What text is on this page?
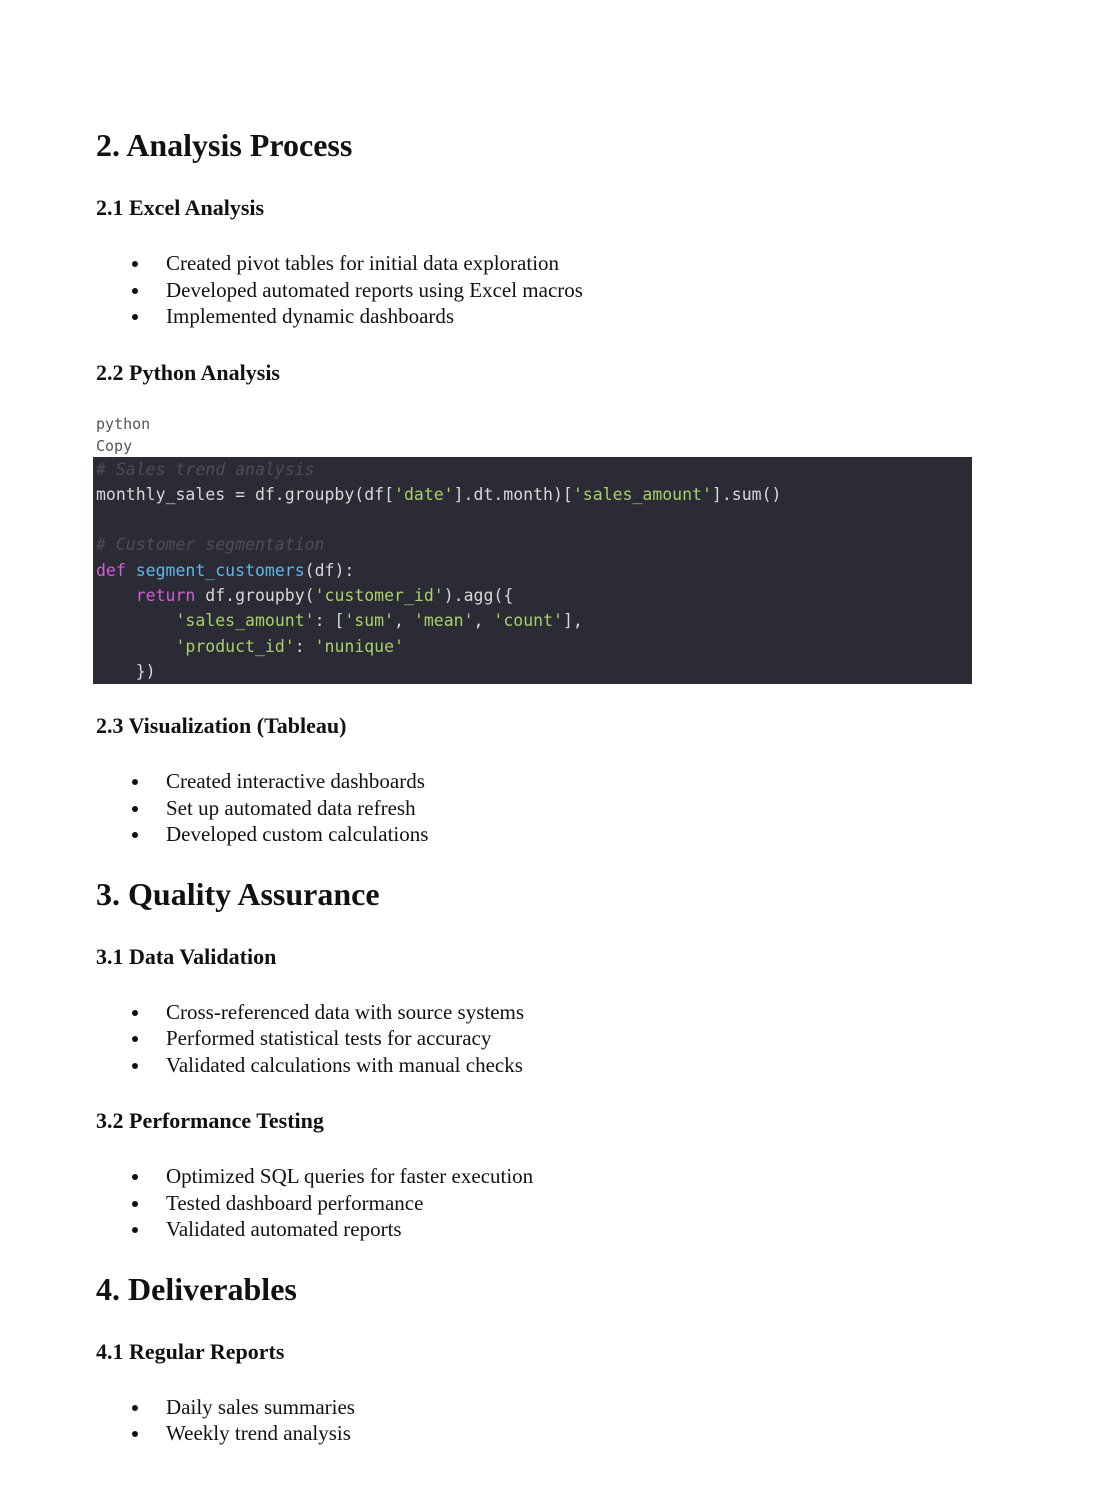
2. Analysis Process
2.1 Excel Analysis
Created pivot tables for initial data exploration
Developed automated reports using Excel macros
Implemented dynamic dashboards
2.2 Python Analysis
python
Copy
# Sales trend analysis
monthly_sales = df.groupby(df['date'].dt.month)['sales_amount'].sum()

# Customer segmentation
def segment_customers(df):
return df.groupby('customer_id').agg({
'sales_amount': ['sum', 'mean', 'count'],
'product_id': 'nunique'
})
2.3 Visualization (Tableau)
Created interactive dashboards
Set up automated data refresh
Developed custom calculations
3. Quality Assurance
3.1 Data Validation
Cross-referenced data with source systems
Performed statistical tests for accuracy
Validated calculations with manual checks
3.2 Performance Testing
Optimized SQL queries for faster execution
Tested dashboard performance
Validated automated reports
4. Deliverables
4.1 Regular Reports
Daily sales summaries
Weekly trend analysis
